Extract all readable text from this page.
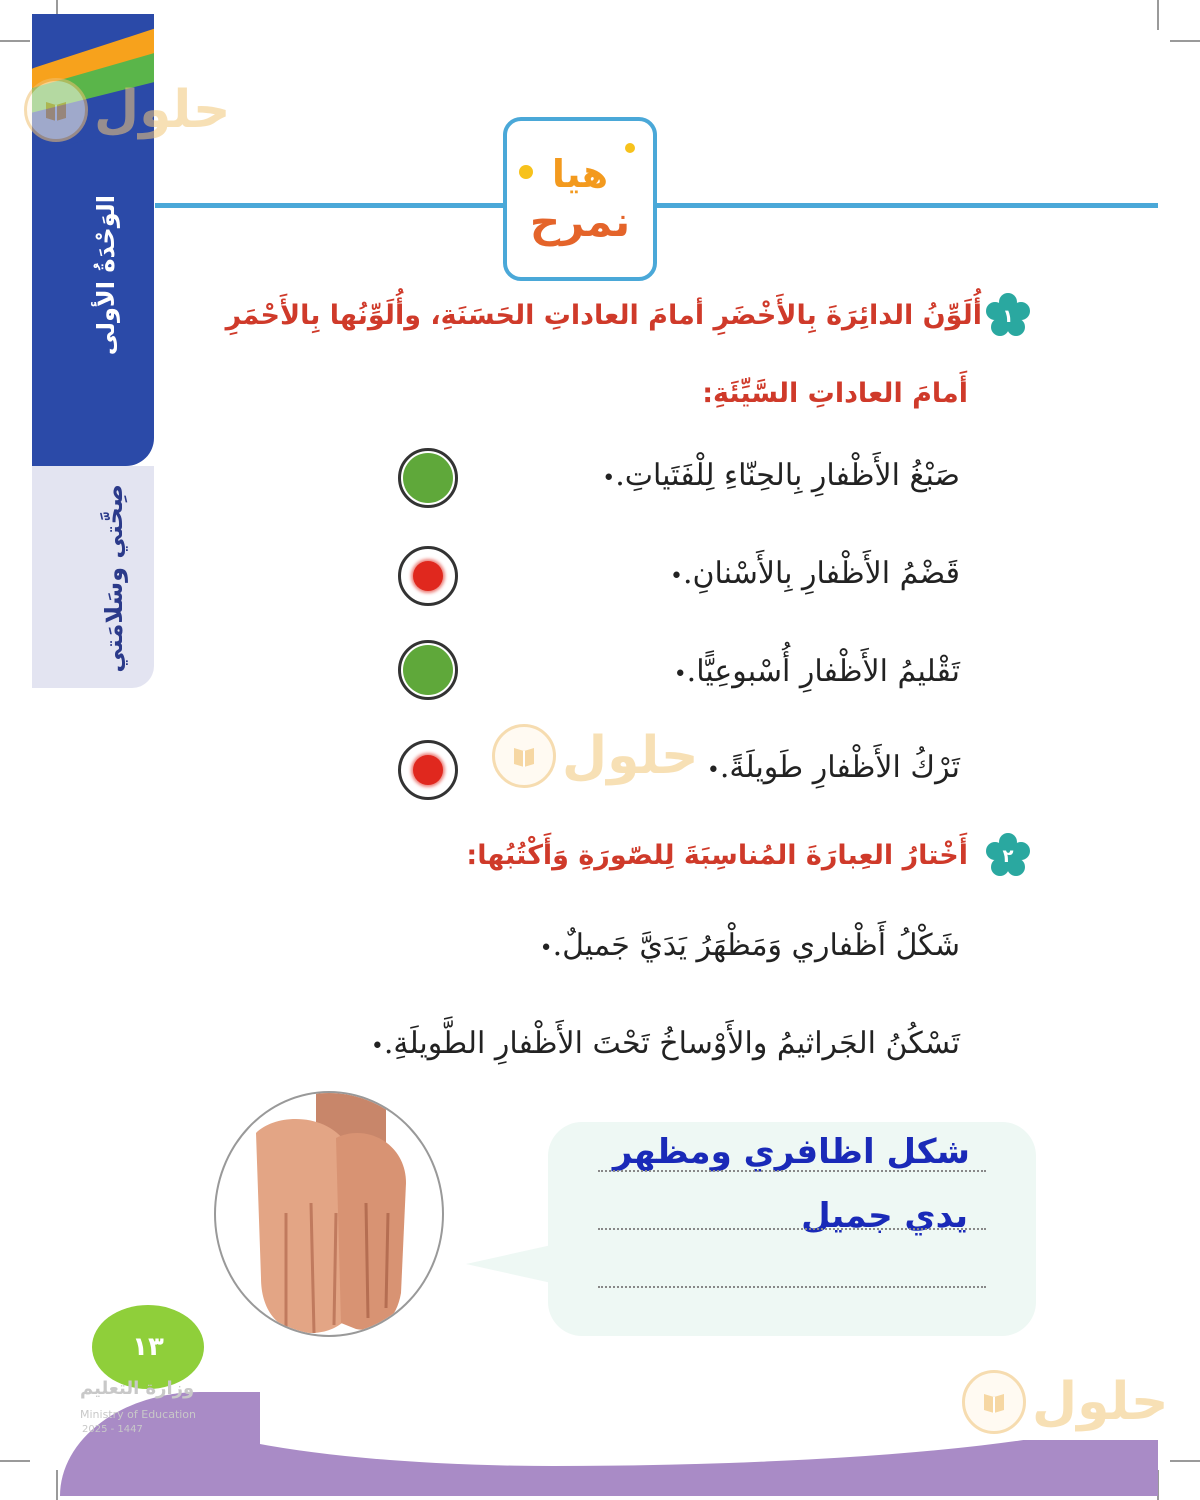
الوَحْدَةُ الأولى
صِحَّتي وسَلامَتي
حلول
هيا
نمرح
١
أُلَوِّنُ الدائِرَةَ بِالأَخْضَرِ أمامَ العاداتِ الحَسَنَةِ، وأُلَوِّنُها بِالأَحْمَرِ
أَمامَ العاداتِ السَّيِّئَةِ:
صَبْغُ الأَظْفارِ بِالحِنّاءِ لِلْفَتَياتِ.•
قَضْمُ الأَظْفارِ بِالأَسْنانِ.•
تَقْليمُ الأَظْفارِ أُسْبوعِيًّا.•
تَرْكُ الأَظْفارِ طَويلَةً.•
حلول
٢
أَخْتارُ العِبارَةَ المُناسِبَةَ لِلصّورَةِ وَأَكْتُبُها:
شَكْلُ أَظْفاري وَمَظْهَرُ يَدَيَّ جَميلٌ.•
تَسْكُنُ الجَراثيمُ والأَوْساخُ تَحْتَ الأَظْفارِ الطَّويلَةِ.•
شكل اظافري ومظهر
يدي جميل
١٣
وزارة التعليم
Ministry of Education
2025 - 1447	حلول
